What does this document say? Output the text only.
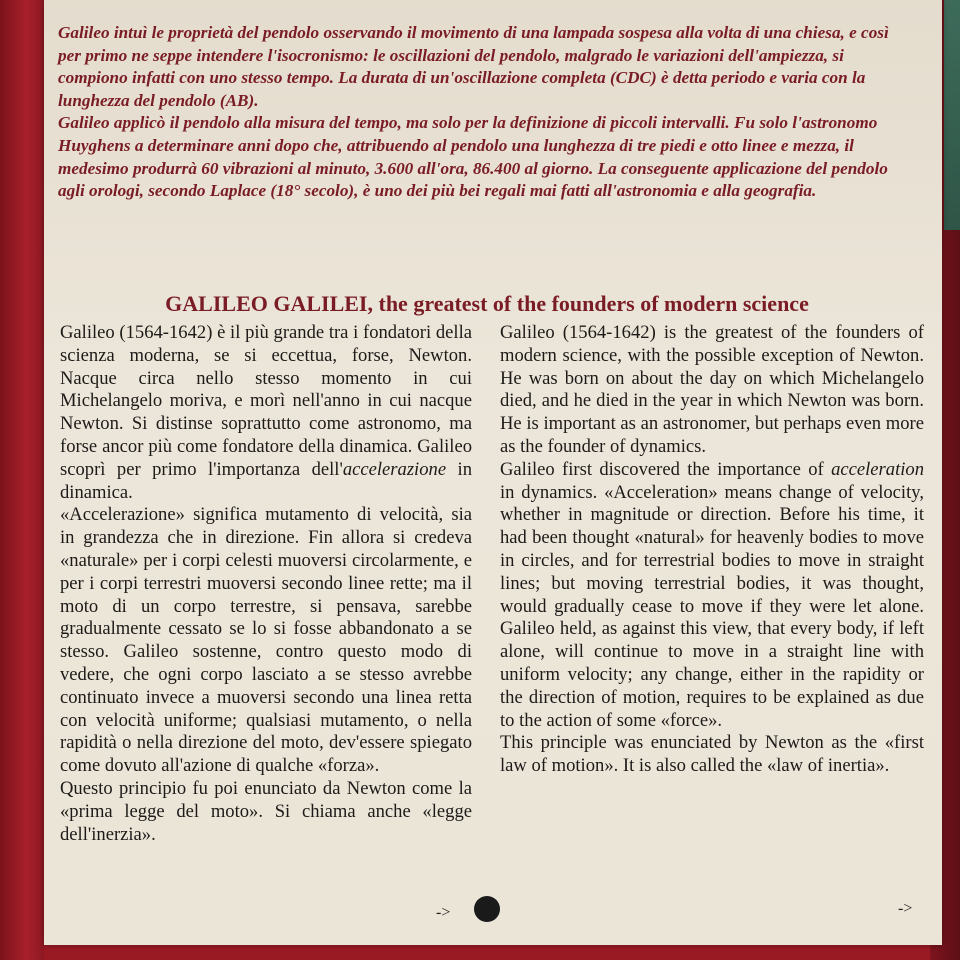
Galileo intuì le proprietà del pendolo osservando il movimento di una lampada sospesa alla volta di una chiesa, e così per primo ne seppe intendere l'isocronismo: le oscillazioni del pendolo, malgrado le variazioni dell'ampiezza, si compiono infatti con uno stesso tempo. La durata di un'oscillazione completa (CDC) è detta periodo e varia con la lunghezza del pendolo (AB).

Galileo applicò il pendolo alla misura del tempo, ma solo per la definizione di piccoli intervalli. Fu solo l'astronomo Huyghens a determinare anni dopo che, attribuendo al pendolo una lunghezza di tre piedi e otto linee e mezza, il medesimo produrrà 60 vibrazioni al minuto, 3.600 all'ora, 86.400 al giorno. La conseguente applicazione del pendolo agli orologi, secondo Laplace (18° secolo), è uno dei più bei regali mai fatti all'astronomia e alla geografia.

GALILEO GALILEI, the greatest of the founders of modern science

Galileo (1564-1642) è il più grande tra i fondatori della scienza moderna, se si eccettua, forse, Newton. Nacque circa nello stesso momento in cui Michelangelo moriva, e morì nell'anno in cui nacque Newton. Si distinse soprattutto come astronomo, ma forse ancor più come fondatore della dinamica. Galileo scoprì per primo l'importanza dell'accelerazione in dinamica.

«Accelerazione» significa mutamento di velocità, sia in grandezza che in direzione. Fin allora si credeva «naturale» per i corpi celesti muoversi circolarmente, e per i corpi terrestri muoversi secondo linee rette; ma il moto di un corpo terrestre, si pensava, sarebbe gradualmente cessato se lo si fosse abbandonato a se stesso. Galileo sostenne, contro questo modo di vedere, che ogni corpo lasciato a se stesso avrebbe continuato invece a muoversi secondo una linea retta con velocità uniforme; qualsiasi mutamento, o nella rapidità o nella direzione del moto, dev'essere spiegato come dovuto all'azione di qualche «forza».

Questo principio fu poi enunciato da Newton come la «prima legge del moto». Si chiama anche «legge dell'inerzia».

->

Galileo (1564-1642) is the greatest of the founders of modern science, with the possible exception of Newton. He was born on about the day on which Michelangelo died, and he died in the year in which Newton was born. He is important as an astronomer, but perhaps even more as the founder of dynamics.

Galileo first discovered the importance of acceleration in dynamics. «Acceleration» means change of velocity, whether in magnitude or direction. Before his time, it had been thought «natural» for heavenly bodies to move in circles, and for terrestrial bodies to move in straight lines; but moving terrestrial bodies, it was thought, would gradually cease to move if they were let alone. Galileo held, as against this view, that every body, if left alone, will continue to move in a straight line with uniform velocity; any change, either in the rapidity or the direction of motion, requires to be explained as due to the action of some «force».

This principle was enunciated by Newton as the «first law of motion». It is also called the «law of inertia».

->
